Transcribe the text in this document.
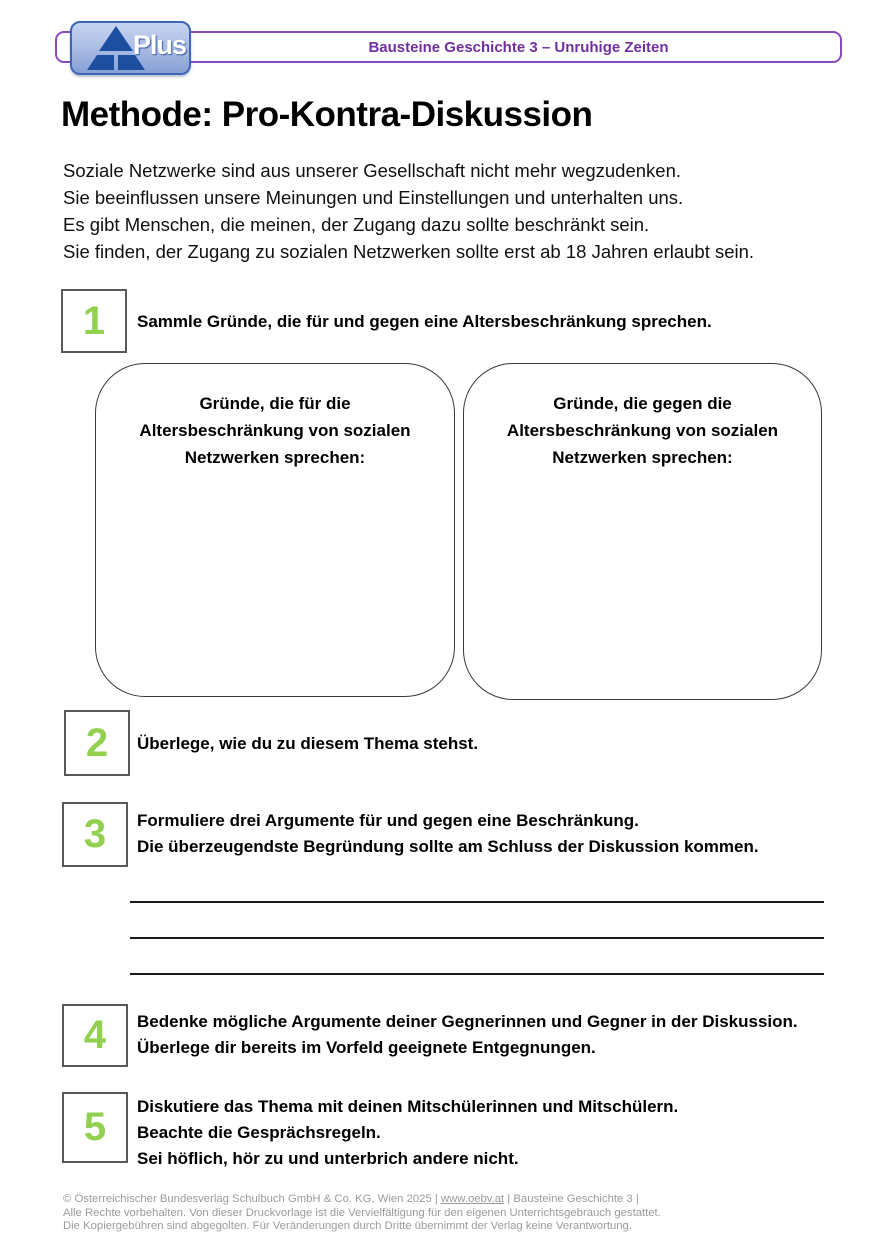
Bausteine Geschichte 3 – Unruhige Zeiten
Plus
Methode: Pro-Kontra-Diskussion
Soziale Netzwerke sind aus unserer Gesellschaft nicht mehr wegzudenken.
Sie beeinflussen unsere Meinungen und Einstellungen und unterhalten uns.
Es gibt Menschen, die meinen, der Zugang dazu sollte beschränkt sein.
Sie finden, der Zugang zu sozialen Netzwerken sollte erst ab 18 Jahren erlaubt sein.
1 Sammle Gründe, die für und gegen eine Altersbeschränkung sprechen.
Gründe, die für die
Altersbeschränkung von sozialen
Netzwerken sprechen:
Gründe, die gegen die
Altersbeschränkung von sozialen
Netzwerken sprechen:
2 Überlege, wie du zu diesem Thema stehst.
3 Formuliere drei Argumente für und gegen eine Beschränkung.
Die überzeugendste Begründung sollte am Schluss der Diskussion kommen.
4 Bedenke mögliche Argumente deiner Gegnerinnen und Gegner in der Diskussion.
Überlege dir bereits im Vorfeld geeignete Entgegnungen.
5 Diskutiere das Thema mit deinen Mitschülerinnen und Mitschülern.
Beachte die Gesprächsregeln.
Sei höflich, hör zu und unterbrich andere nicht.
© Österreichischer Bundesverlag Schulbuch GmbH & Co. KG, Wien 2025 | www.oebv.at | Bausteine Geschichte 3 |
Alle Rechte vorbehalten. Von dieser Druckvorlage ist die Vervielfältigung für den eigenen Unterrichtsgebrauch gestattet.
Die Kopiergebühren sind abgegolten. Für Veränderungen durch Dritte übernimmt der Verlag keine Verantwortung.
